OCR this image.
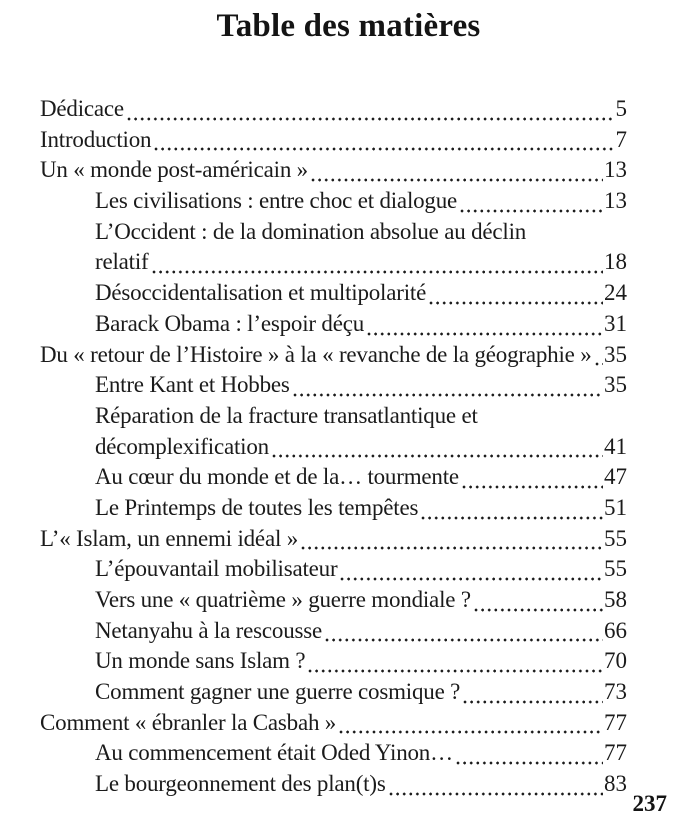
Table des matières
Dédicace	5
Introduction	7
Un « monde post-américain »	13
Les civilisations : entre choc et dialogue	13
L’Occident : de la domination absolue au déclin
relatif	18
Désoccidentalisation et multipolarité	24
Barack Obama : l’espoir déçu	31
Du « retour de l’Histoire » à la « revanche de la géographie » 35
Entre Kant et Hobbes	35
Réparation de la fracture transatlantique et
décomplexification	41
Au cœur du monde et de la… tourmente	47
Le Printemps de toutes les tempêtes	51
L’« Islam, un ennemi idéal »	55
L’épouvantail mobilisateur	55
Vers une « quatrième » guerre mondiale ?	58
Netanyahu à la rescousse	66
Un monde sans Islam ?	70
Comment gagner une guerre cosmique ?	73
Comment « ébranler la Casbah »	77
Au commencement était Oded Yinon…	77
Le bourgeonnement des plan(t)s	83
237
